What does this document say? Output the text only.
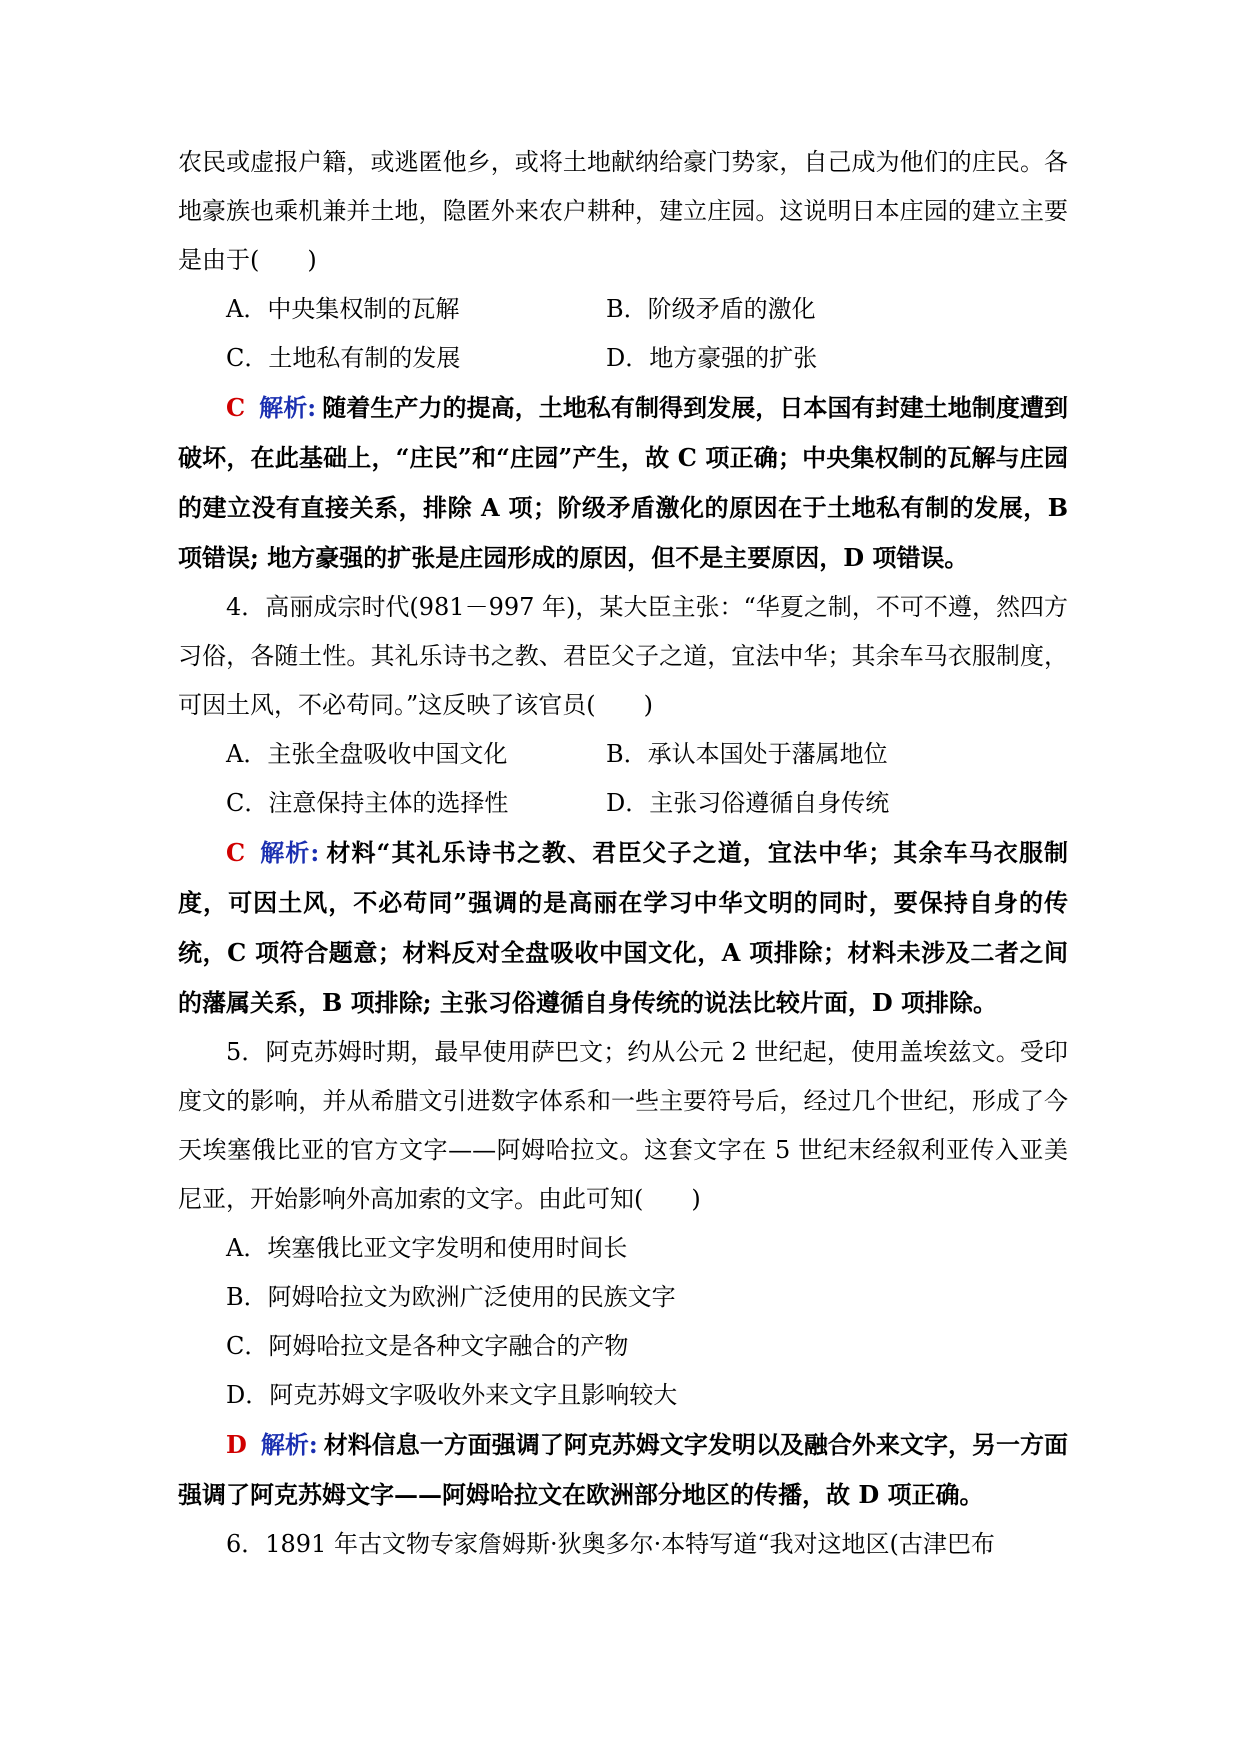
农民或虚报户籍，或逃匿他乡，或将土地献纳给豪门势家，自己成为他们的庄民。各地豪族也乘机兼并土地，隐匿外来农户耕种，建立庄园。这说明日本庄园的建立主要是由于(　　)

A．中央集权制的瓦解	B．阶级矛盾的激化
C．土地私有制的发展	D．地方豪强的扩张

C 解析: 随着生产力的提高，土地私有制得到发展，日本国有封建土地制度遭到破坏，在此基础上，“庄民”和“庄园”产生，故 C 项正确；中央集权制的瓦解与庄园的建立没有直接关系，排除 A 项；阶级矛盾激化的原因在于土地私有制的发展，B 项错误; 地方豪强的扩张是庄园形成的原因，但不是主要原因，D 项错误。

4．高丽成宗时代(981－997 年)，某大臣主张：“华夏之制，不可不遵，然四方习俗，各随土性。其礼乐诗书之教、君臣父子之道，宜法中华；其余车马衣服制度，可因土风，不必苟同。”这反映了该官员(　　)

A．主张全盘吸收中国文化	B．承认本国处于藩属地位
C．注意保持主体的选择性	D．主张习俗遵循自身传统

C 解析: 材料“其礼乐诗书之教、君臣父子之道，宜法中华；其余车马衣服制度，可因土风，不必苟同”强调的是高丽在学习中华文明的同时，要保持自身的传统，C 项符合题意；材料反对全盘吸收中国文化，A 项排除；材料未涉及二者之间的藩属关系，B 项排除; 主张习俗遵循自身传统的说法比较片面，D 项排除。

5．阿克苏姆时期，最早使用萨巴文；约从公元 2 世纪起，使用盖埃兹文。受印度文的影响，并从希腊文引进数字体系和一些主要符号后，经过几个世纪，形成了今天埃塞俄比亚的官方文字——阿姆哈拉文。这套文字在 5 世纪末经叙利亚传入亚美尼亚，开始影响外高加索的文字。由此可知(　　)

A．埃塞俄比亚文字发明和使用时间长

B．阿姆哈拉文为欧洲广泛使用的民族文字

C．阿姆哈拉文是各种文字融合的产物

D．阿克苏姆文字吸收外来文字且影响较大

D 解析: 材料信息一方面强调了阿克苏姆文字发明以及融合外来文字，另一方面强调了阿克苏姆文字——阿姆哈拉文在欧洲部分地区的传播，故 D 项正确。

6．1891 年古文物专家詹姆斯·狄奥多尔·本特写道“我对这地区(古津巴布
